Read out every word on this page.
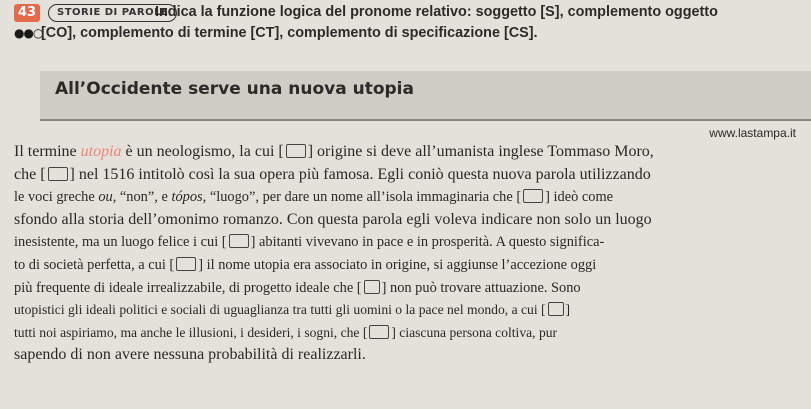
43
●●○
STORIE DI PAROLE
Indica la funzione logica del pronome relativo: soggetto [S], complemento oggetto
[CO], complemento di termine [CT], complemento di specificazione [CS].
All’Occidente serve una nuova utopia
www.lastampa.it
Il termine utopia è un neologismo, la cui [ ] origine si deve all’umanista inglese Tommaso Moro,
che [ ] nel 1516 intitolò così la sua opera più famosa. Egli coniò questa nuova parola utilizzando
le voci greche ou, “non”, e tópos, “luogo”, per dare un nome all’isola immaginaria che [ ] ideò come
sfondo alla storia dell’omonimo romanzo. Con questa parola egli voleva indicare non solo un luogo
inesistente, ma un luogo felice i cui [ ] abitanti vivevano in pace e in prosperità. A questo significa-
to di società perfetta, a cui [ ] il nome utopia era associato in origine, si aggiunse l’accezione oggi
più frequente di ideale irrealizzabile, di progetto ideale che [ ] non può trovare attuazione. Sono
utopistici gli ideali politici e sociali di uguaglianza tra tutti gli uomini o la pace nel mondo, a cui [ ]
tutti noi aspiriamo, ma anche le illusioni, i desideri, i sogni, che [ ] ciascuna persona coltiva, pur
sapendo di non avere nessuna probabilità di realizzarli.
